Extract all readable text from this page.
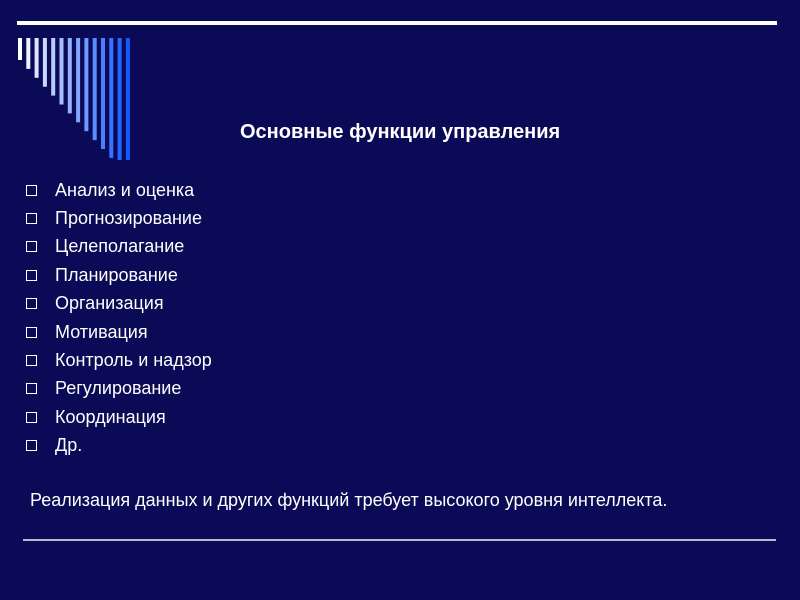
Основные функции управления
Анализ и оценка
Прогнозирование
Целеполагание
Планирование
Организация
Мотивация
Контроль и надзор
Регулирование
Координация
Др.
Реализация данных и других функций требует высокого уровня интеллекта.
